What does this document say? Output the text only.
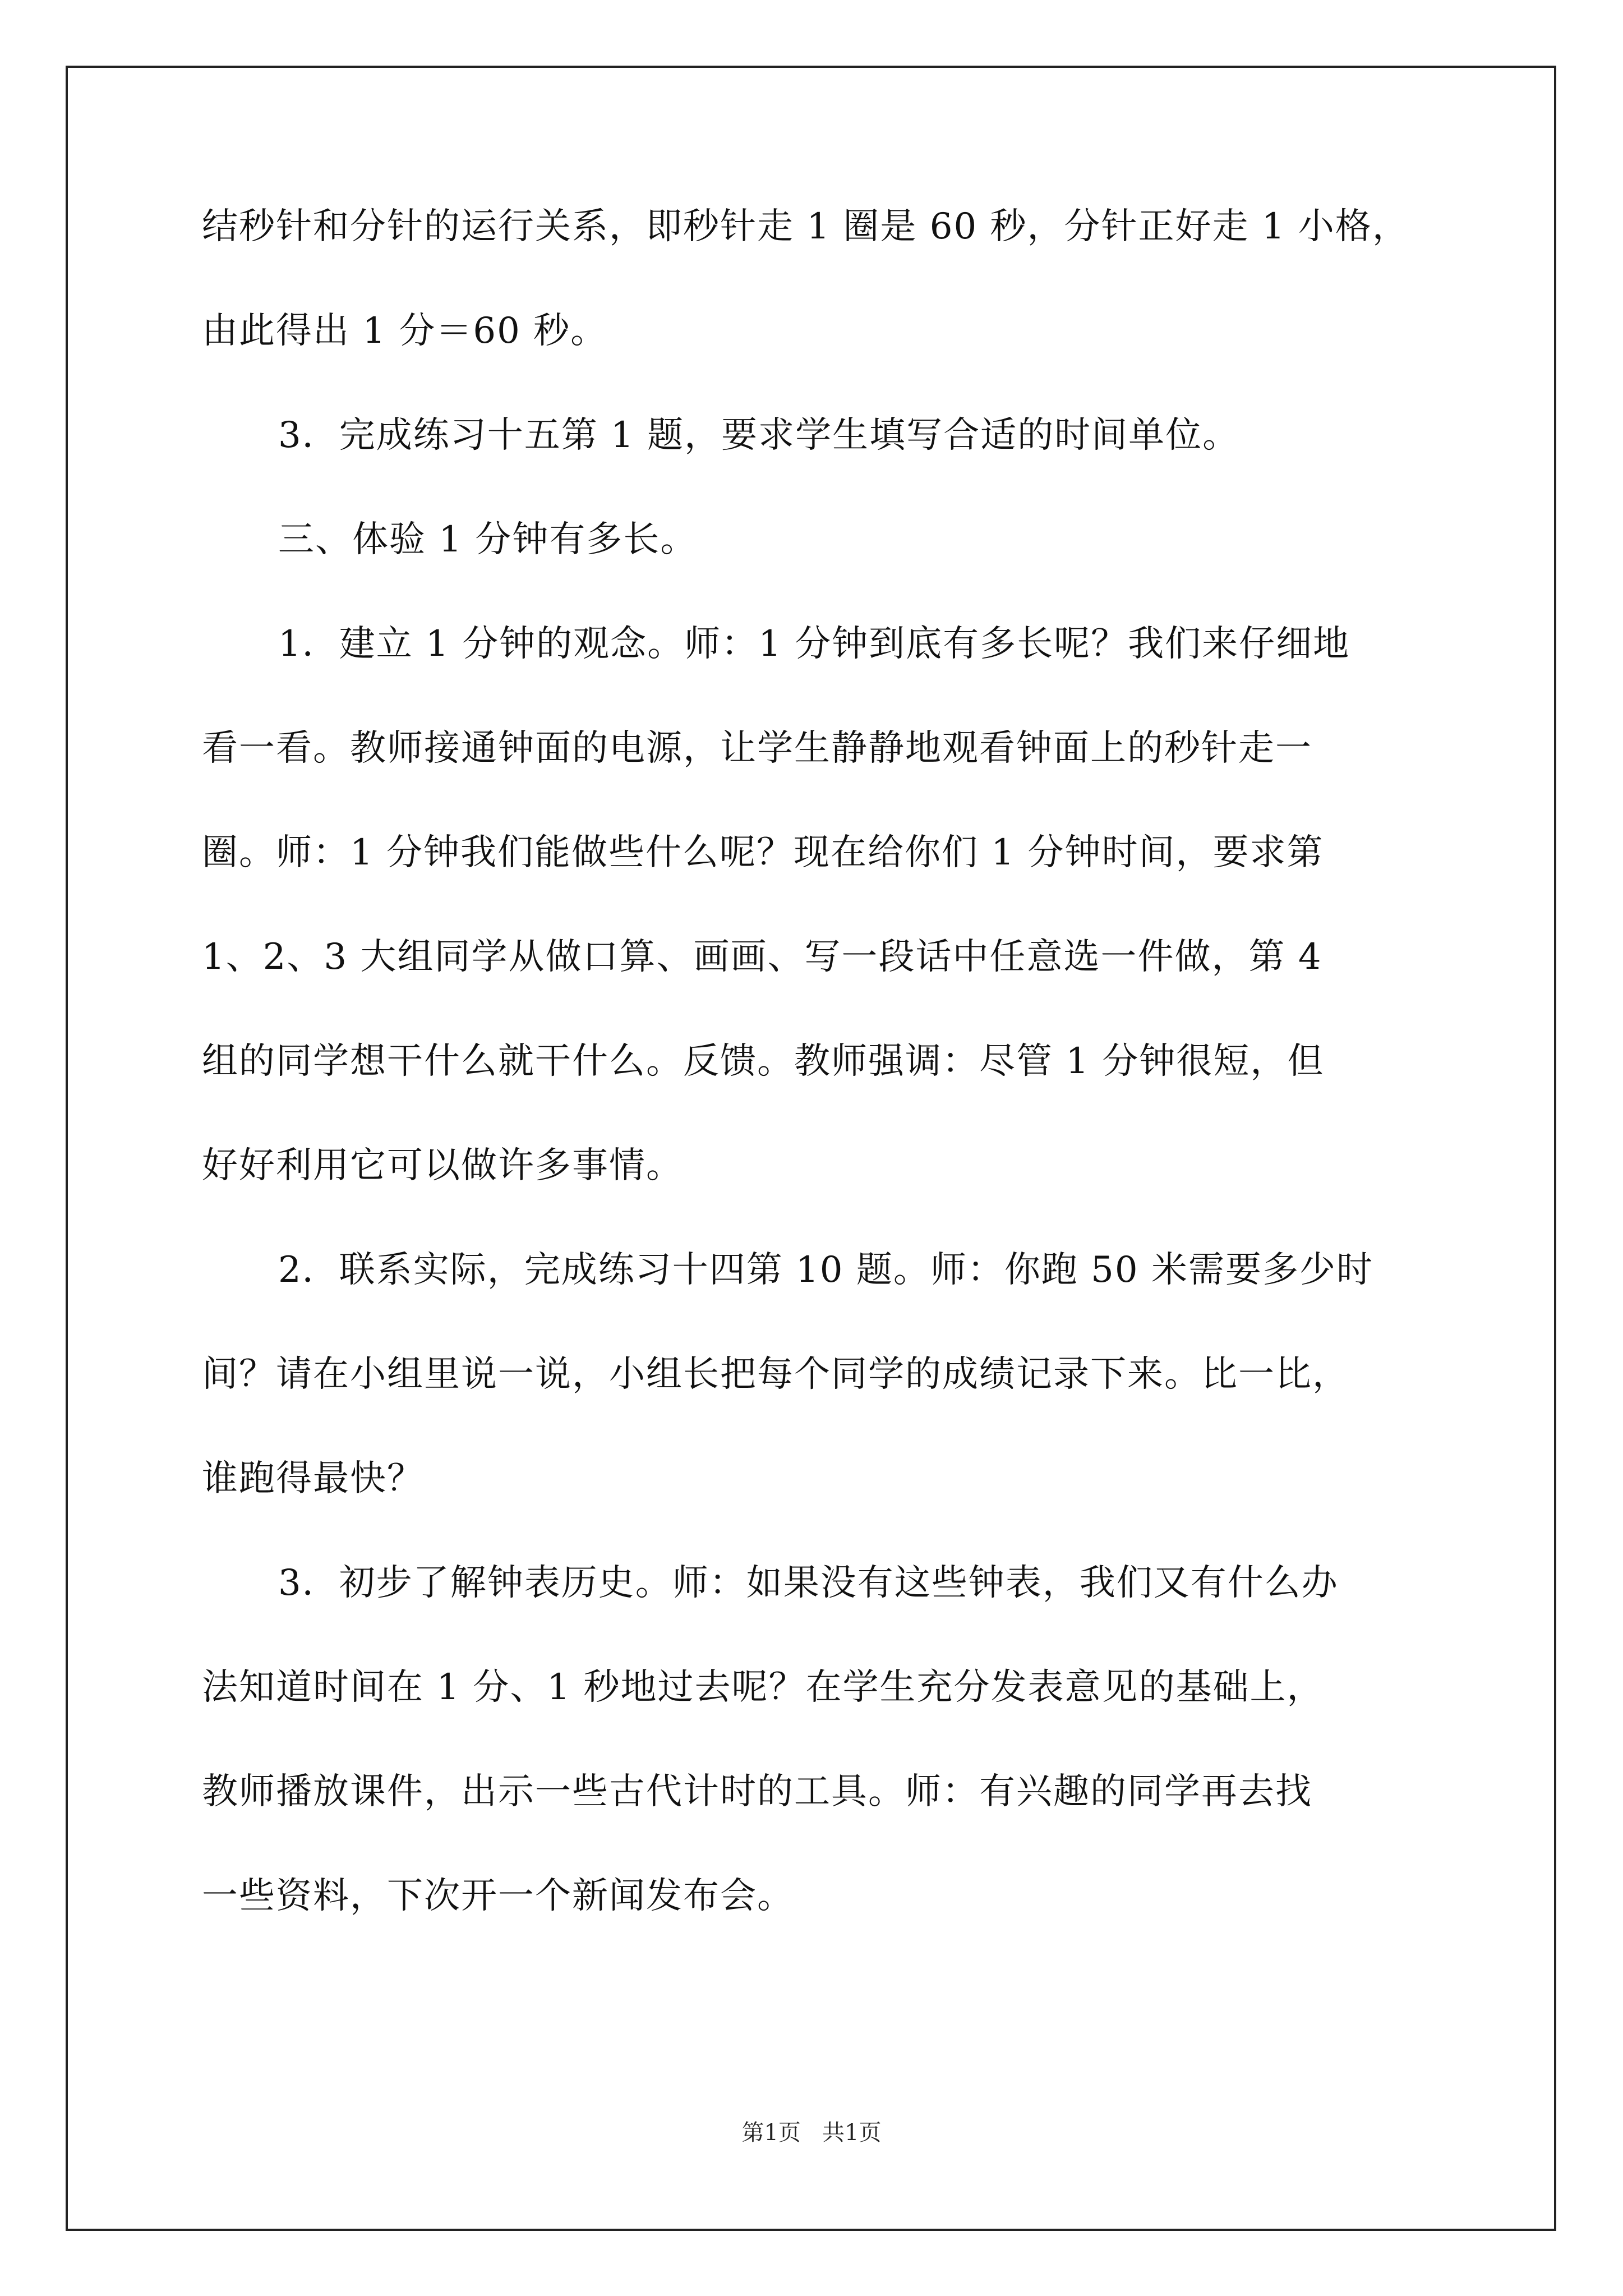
结秒针和分针的运行关系，即秒针走 1 圈是 60 秒，分针正好走 1 小格，
由此得出 1 分＝60 秒。
3．完成练习十五第 1 题，要求学生填写合适的时间单位。
三、体验 1 分钟有多长。
1．建立 1 分钟的观念。师：1 分钟到底有多长呢？我们来仔细地
看一看。教师接通钟面的电源，让学生静静地观看钟面上的秒针走一
圈。师：1 分钟我们能做些什么呢？现在给你们 1 分钟时间，要求第
1、2、3 大组同学从做口算、画画、写一段话中任意选一件做，第 4
组的同学想干什么就干什么。反馈。教师强调：尽管 1 分钟很短，但
好好利用它可以做许多事情。
2．联系实际，完成练习十四第 10 题。师：你跑 50 米需要多少时
间？请在小组里说一说，小组长把每个同学的成绩记录下来。比一比，
谁跑得最快？
3．初步了解钟表历史。师：如果没有这些钟表，我们又有什么办
法知道时间在 1 分、1 秒地过去呢？在学生充分发表意见的基础上，
教师播放课件，出示一些古代计时的工具。师：有兴趣的同学再去找
一些资料，下次开一个新闻发布会。
第1页   共1页
